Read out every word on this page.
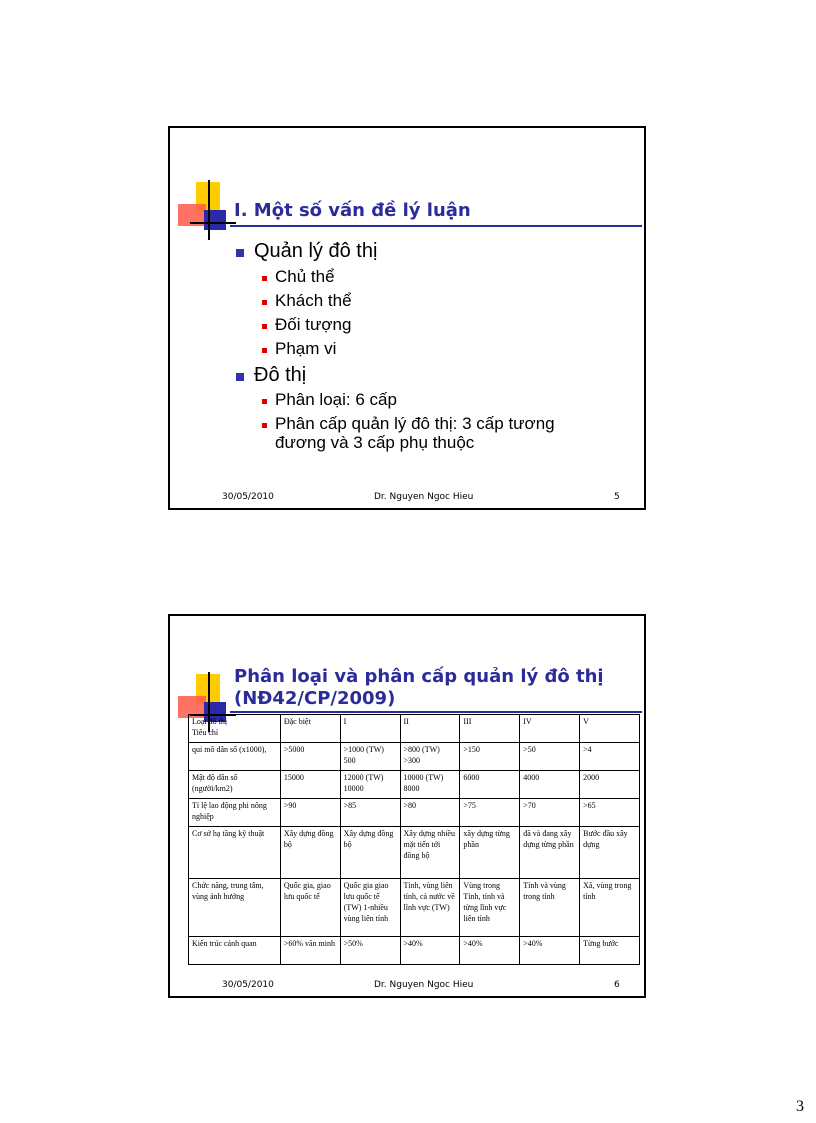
I. Một số vấn đề lý luận
Quản lý đô thị
Chủ thể
Khách thể
Đối tượng
Phạm vi
Đô thị
Phân loại: 6 cấp
Phân cấp quản lý đô thị: 3 cấp tương đương và 3 cấp phụ thuộc
30/05/2010	Dr. Nguyen Ngoc Hieu	5
Phân loại và phân cấp quản lý đô thị
(NĐ42/CP/2009)
Loại đô thị
Tiêu chí	Đặc biệt	I	II	III	IV	V
qui mô dân số (x1000),	>5000	>1000 (TW) 500	>800 (TW) >300	>150	>50	>4
Mật độ dân số (người/km2)	15000	12000 (TW) 10000	10000 (TW) 8000	6000	4000	2000
Tỉ lệ lao động phi nông nghiệp	>90	>85	>80	>75	>70	>65
Cơ sở hạ tầng kỹ thuật	Xây dựng đồng bộ	Xây dựng đồng bộ	Xây dựng nhiều mặt tiến tới đồng bộ	xây dựng từng phần	đã và đang xây dựng từng phần	Bước đầu xây dựng
Chức năng, trung tâm, vùng ảnh hưởng	Quốc gia, giao lưu quốc tế	Quốc gia giao lưu quốc tế (TW) 1-nhiều vùng liên tỉnh	Tỉnh, vùng liên tỉnh, cả nước về lĩnh vực (TW)	Vùng trong Tỉnh, tỉnh và từng lĩnh vực liên tỉnh	Tỉnh và vùng trong tỉnh	Xã, vùng trong tỉnh
Kiến trúc cảnh quan	>60% văn minh	>50%	>40%	>40%	>40%	Từng bước
30/05/2010	Dr. Nguyen Ngoc Hieu	6
3
